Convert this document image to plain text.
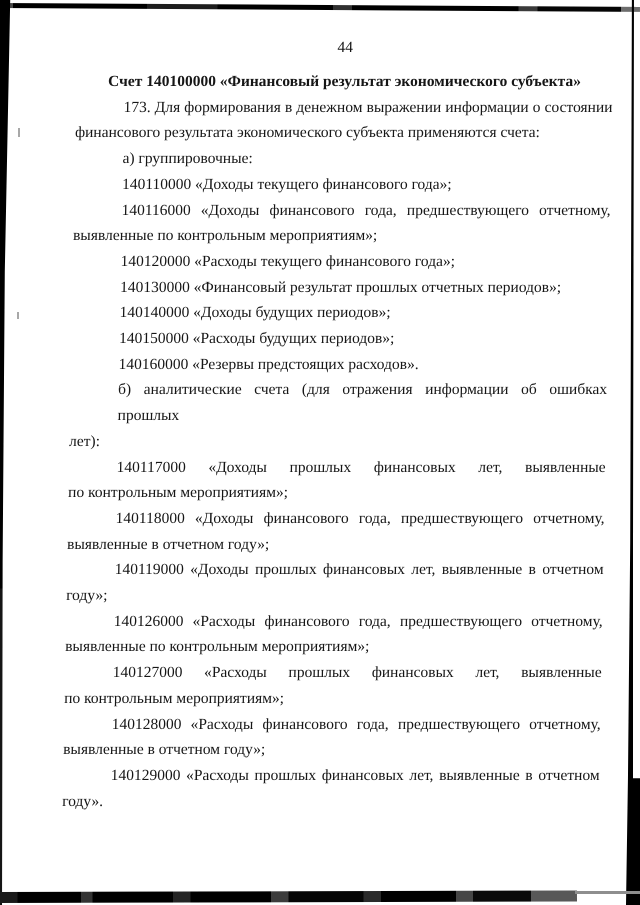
44
Счет 140100000 «Финансовый результат экономического субъекта»
173. Для формирования в денежном выражении информации о состоянии
финансового результата экономического субъекта применяются счета:
а) группировочные:
140110000 «Доходы текущего финансового года»;
140116000 «Доходы финансового года, предшествующего отчетному,
выявленные по контрольным мероприятиям»;
140120000 «Расходы текущего финансового года»;
140130000 «Финансовый результат прошлых отчетных периодов»;
140140000 «Доходы будущих периодов»;
140150000 «Расходы будущих периодов»;
140160000 «Резервы предстоящих расходов».
б) аналитические счета (для отражения информации об ошибках прошлых
лет):
140117000 «Доходы прошлых финансовых лет, выявленные
по контрольным мероприятиям»;
140118000 «Доходы финансового года, предшествующего отчетному,
выявленные в отчетном году»;
140119000 «Доходы прошлых финансовых лет, выявленные в отчетном
году»;
140126000 «Расходы финансового года, предшествующего отчетному,
выявленные по контрольным мероприятиям»;
140127000 «Расходы прошлых финансовых лет, выявленные
по контрольным мероприятиям»;
140128000 «Расходы финансового года, предшествующего отчетному,
выявленные в отчетном году»;
140129000 «Расходы прошлых финансовых лет, выявленные в отчетном
году».
